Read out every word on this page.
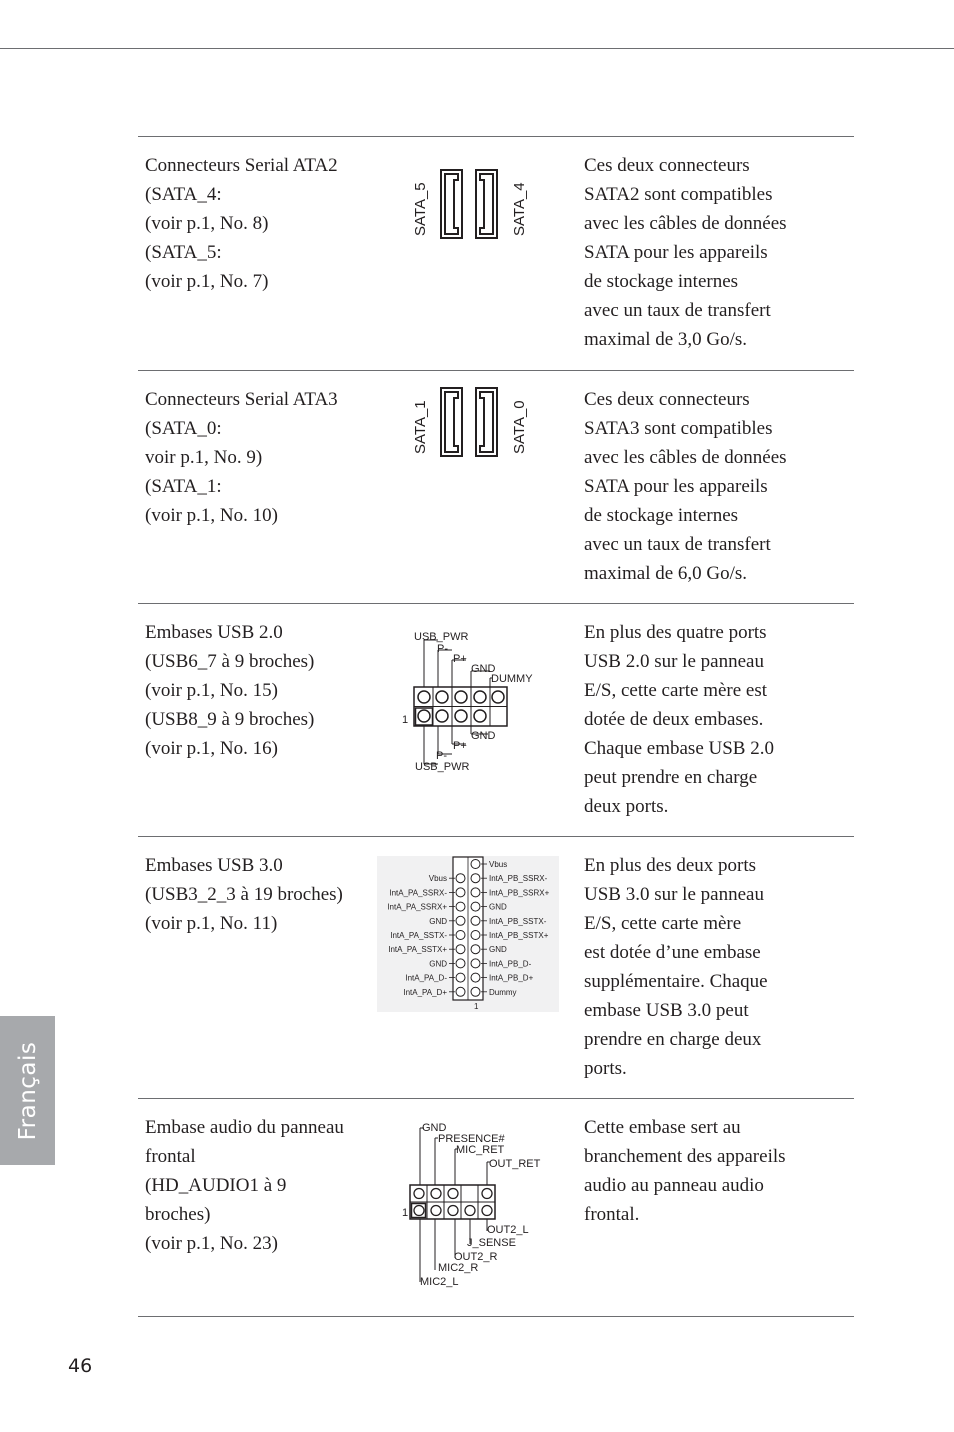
Connecteurs Serial ATA2
(SATA_4:
(voir p.1, No. 8)
(SATA_5:
(voir p.1, No. 7)
SATA_5	SATA_4
Ces deux connecteurs
SATA2 sont compatibles
avec les câbles de données
SATA pour les appareils
de stockage internes
avec un taux de transfert
maximal de 3,0 Go/s.
Connecteurs Serial ATA3
(SATA_0:
voir p.1, No. 9)
(SATA_1:
(voir p.1, No. 10)
SATA_1	SATA_0
Ces deux connecteurs
SATA3 sont compatibles
avec les câbles de données
SATA pour les appareils
de stockage internes
avec un taux de transfert
maximal de 6,0 Go/s.
Embases USB 2.0
(USB6_7 à 9 broches)
(voir p.1, No. 15)
(USB8_9 à 9 broches)
(voir p.1, No. 16)
USB_PWR
P-
P+
GND
DUMMY
1
GND
P+
P-
USB_PWR
En plus des quatre ports
USB 2.0 sur le panneau
E/S, cette carte mère est
dotée de deux embases.
Chaque embase USB 2.0
peut prendre en charge
deux ports.
Embases USB 3.0
(USB3_2_3 à 19 broches)
(voir p.1, No. 11)
Vbus
IntA_PB_SSRX-
IntA_PB_SSRX+
GND
IntA_PB_SSTX-
IntA_PB_SSTX+
GND
IntA_PB_D-
IntA_PB_D+
Dummy
Vbus
IntA_PA_SSRX-
IntA_PA_SSRX+
GND
IntA_PA_SSTX-
IntA_PA_SSTX+
GND
IntA_PA_D-
IntA_PA_D+
1
En plus des deux ports
USB 3.0 sur le panneau
E/S, cette carte mère
est dotée d’une embase
supplémentaire. Chaque
embase USB 3.0 peut
prendre en charge deux
ports.
Embase audio du panneau
frontal
(HD_AUDIO1 à 9
broches)
(voir p.1, No. 23)
GND
PRESENCE#
MIC_RET
OUT_RET
1
OUT2_L
J_SENSE
OUT2_R
MIC2_R
MIC2_L
Cette embase sert au
branchement des appareils
audio au panneau audio
frontal.
Français
46
